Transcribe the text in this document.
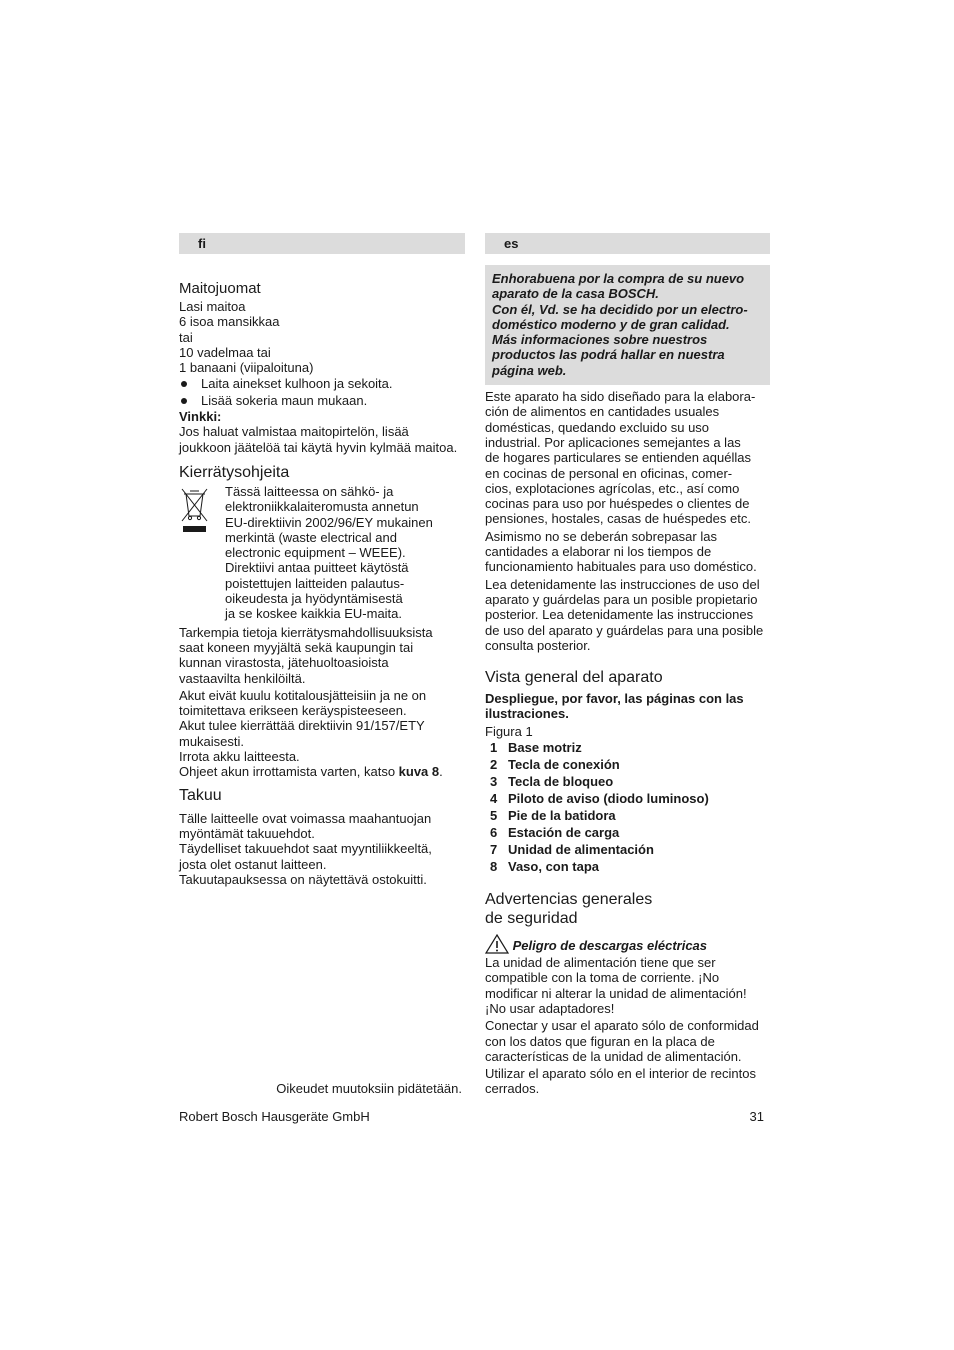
fi

Maitojuomat

Lasi maitoa

6 isoa mansikkaa

tai

10 vadelmaa tai

1 banaani (viipaloituna)

Laita ainekset kulhoon ja sekoita.

Lisää sokeria maun mukaan.

Vinkki:

Jos haluat valmistaa maitopirtelön, lisää

joukkoon jäätelöä tai käytä hyvin kylmää maitoa.

Kierrätysohjeita

Tässä laitteessa on sähkö- ja

elektroniikkalaiteromusta annetun

EU-direktiivin 2002/96/EY mukainen

merkintä (waste electrical and

electronic equipment – WEEE).

Direktiivi antaa puitteet käytöstä

poistettujen laitteiden palautus-

oikeudesta ja hyödyntämisestä

ja se koskee kaikkia EU-maita.

Tarkempia tietoja kierrätysmahdollisuuksista

saat koneen myyjältä sekä kaupungin tai

kunnan virastosta, jätehuoltoasioista

vastaavilta henkilöiltä.

Akut eivät kuulu kotitalousjätteisiin ja ne on

toimitettava erikseen keräyspisteeseen.

Akut tulee kierrättää direktiivin 91/157/ETY

mukaisesti.

Irrota akku laitteesta.

Ohjeet akun irrottamista varten, katso kuva 8.

Takuu

Tälle laitteelle ovat voimassa maahantuojan

myöntämät takuuehdot.

Täydelliset takuuehdot saat myyntiliikkeeltä,

josta olet ostanut laitteen.

Takuutapauksessa on näytettävä ostokuitti.

Oikeudet muutoksiin pidätetään.

es

Enhorabuena por la compra de su nuevo

aparato de la casa BOSCH.

Con él, Vd. se ha decidido por un electro-

doméstico moderno y de gran calidad.

Más informaciones sobre nuestros

productos las podrá hallar en nuestra

página web.

Este aparato ha sido diseñado para la elabora-

ción de alimentos en cantidades usuales

domésticas, quedando excluido su uso

industrial. Por aplicaciones semejantes a las

de hogares particulares se entienden aquéllas

en cocinas de personal en oficinas, comer-

cios, explotaciones agrícolas, etc., así como

cocinas para uso por huéspedes o clientes de

pensiones, hostales, casas de huéspedes etc.

Asimismo no se deberán sobrepasar las

cantidades a elaborar ni los tiempos de

funcionamiento habituales para uso doméstico.

Lea detenidamente las instrucciones de uso del

aparato y guárdelas para un posible propietario

posterior. Lea detenidamente las instrucciones

de uso del aparato y guárdelas para una posible

consulta posterior.

Vista general del aparato

Despliegue, por favor, las páginas con las

ilustraciones.

Figura 1

1 Base motriz
2 Tecla de conexión
3 Tecla de bloqueo
4 Piloto de aviso (diodo luminoso)
5 Pie de la batidora
6 Estación de carga
7 Unidad de alimentación
8 Vaso, con tapa

Advertencias generales

de seguridad

Peligro de descargas eléctricas

La unidad de alimentación tiene que ser

compatible con la toma de corriente. ¡No

modificar ni alterar la unidad de alimentación!

¡No usar adaptadores!

Conectar y usar el aparato sólo de conformidad

con los datos que figuran en la placa de

características de la unidad de alimentación.

Utilizar el aparato sólo en el interior de recintos

cerrados.

Robert Bosch Hausgeräte GmbH	31
